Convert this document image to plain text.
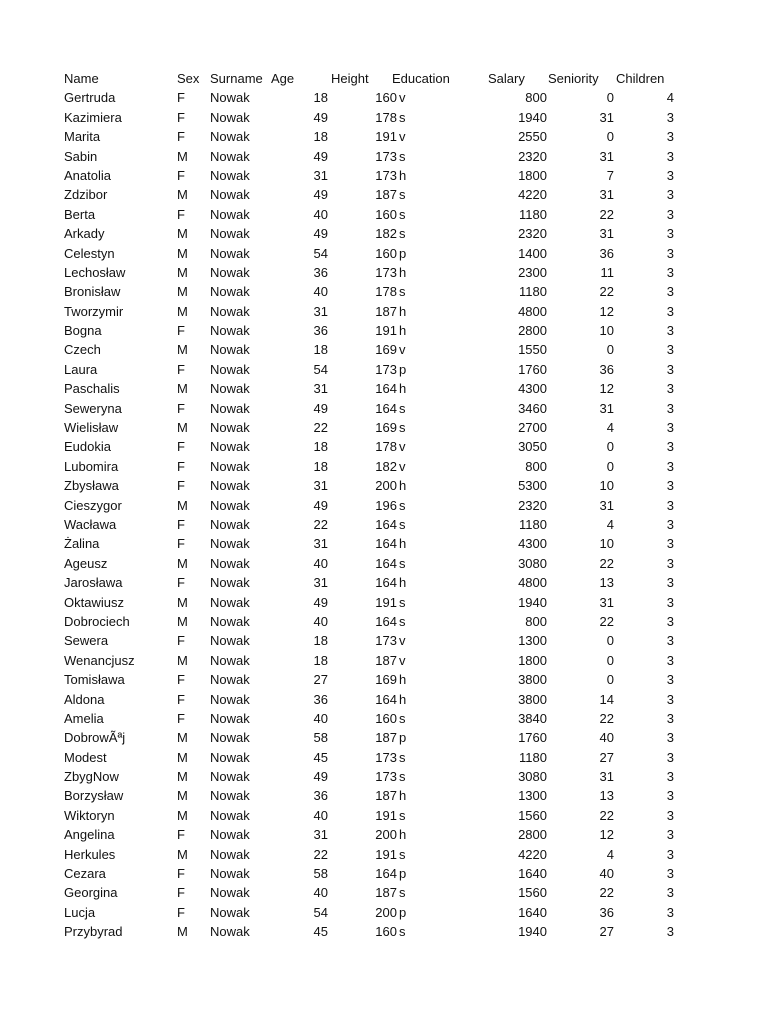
Name	Sex Surname Age	Height Education	Salary Seniority Children
Gertruda	F Nowak	18	160 v	800	0	4
Kazimiera	F Nowak	49	178 s	1940	31	3
Marita	F Nowak	18	191 v	2550	0	3
Sabin	M Nowak	49	173 s	2320	31	3
Anatolia	F Nowak	31	173 h	1800	7	3
Zdzibor	M Nowak	49	187 s	4220	31	3
Berta	F Nowak	40	160 s	1180	22	3
Arkady	M Nowak	49	182 s	2320	31	3
Celestyn	M Nowak	54	160 p	1400	36	3
Lechosław	M Nowak	36	173 h	2300	11	3
Bronisław	M Nowak	40	178 s	1180	22	3
Tworzymir	M Nowak	31	187 h	4800	12	3
Bogna	F Nowak	36	191 h	2800	10	3
Czech	M Nowak	18	169 v	1550	0	3
Laura	F Nowak	54	173 p	1760	36	3
Paschalis	M Nowak	31	164 h	4300	12	3
Seweryna	F Nowak	49	164 s	3460	31	3
Wielisław	M Nowak	22	169 s	2700	4	3
Eudokia	F Nowak	18	178 v	3050	0	3
Lubomira	F Nowak	18	182 v	800	0	3
Zbysława	F Nowak	31	200 h	5300	10	3
Cieszygor	M Nowak	49	196 s	2320	31	3
Wacława	F Nowak	22	164 s	1180	4	3
Żalina	F Nowak	31	164 h	4300	10	3
Ageusz	M Nowak	40	164 s	3080	22	3
Jarosława	F Nowak	31	164 h	4800	13	3
Oktawiusz	M Nowak	49	191 s	1940	31	3
Dobrociech	M Nowak	40	164 s	800	22	3
Sewera	F Nowak	18	173 v	1300	0	3
Wenancjusz	M Nowak	18	187 v	1800	0	3
Tomisława	F Nowak	27	169 h	3800	0	3
Aldona	F Nowak	36	164 h	3800	14	3
Amelia	F Nowak	40	160 s	3840	22	3
DobrowÃªj	M Nowak	58	187 p	1760	40	3
Modest	M Nowak	45	173 s	1180	27	3
ZbygNow	M Nowak	49	173 s	3080	31	3
Borzysław	M Nowak	36	187 h	1300	13	3
Wiktoryn	M Nowak	40	191 s	1560	22	3
Angelina	F Nowak	31	200 h	2800	12	3
Herkules	M Nowak	22	191 s	4220	4	3
Cezara	F Nowak	58	164 p	1640	40	3
Georgina	F Nowak	40	187 s	1560	22	3
Lucja	F Nowak	54	200 p	1640	36	3
Przybyrad	M Nowak	45	160 s	1940	27	3
